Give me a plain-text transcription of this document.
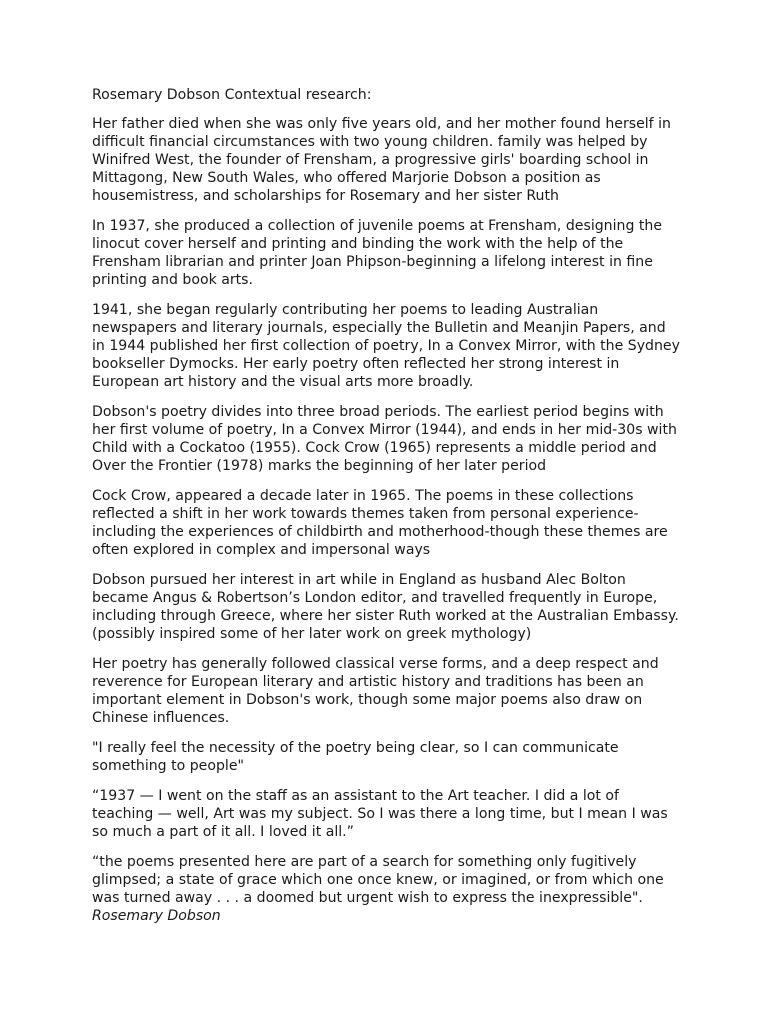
Rosemary Dobson Contextual research:

Her father died when she was only five years old, and her mother found herself in difficult financial circumstances with two young children. family was helped by Winifred West, the founder of Frensham, a progressive girls' boarding school in Mittagong, New South Wales, who offered Marjorie Dobson a position as housemistress, and scholarships for Rosemary and her sister Ruth

In 1937, she produced a collection of juvenile poems at Frensham, designing the linocut cover herself and printing and binding the work with the help of the Frensham librarian and printer Joan Phipson-beginning a lifelong interest in fine printing and book arts.

1941, she began regularly contributing her poems to leading Australian newspapers and literary journals, especially the Bulletin and Meanjin Papers, and in 1944 published her first collection of poetry, In a Convex Mirror, with the Sydney bookseller Dymocks. Her early poetry often reflected her strong interest in European art history and the visual arts more broadly.

Dobson's poetry divides into three broad periods. The earliest period begins with her first volume of poetry, In a Convex Mirror (1944), and ends in her mid-30s with Child with a Cockatoo (1955). Cock Crow (1965) represents a middle period and Over the Frontier (1978) marks the beginning of her later period

Cock Crow, appeared a decade later in 1965. The poems in these collections reflected a shift in her work towards themes taken from personal experience-including the experiences of childbirth and motherhood-though these themes are often explored in complex and impersonal ways

Dobson pursued her interest in art while in England as husband Alec Bolton became Angus & Robertson’s London editor, and travelled frequently in Europe, including through Greece, where her sister Ruth worked at the Australian Embassy. (possibly inspired some of her later work on greek mythology)

Her poetry has generally followed classical verse forms, and a deep respect and reverence for European literary and artistic history and traditions has been an important element in Dobson's work, though some major poems also draw on Chinese influences.

"I really feel the necessity of the poetry being clear, so I can communicate something to people"

“1937 — I went on the staff as an assistant to the Art teacher. I did a lot of teaching — well, Art was my subject. So I was there a long time, but I mean I was so much a part of it all. I loved it all.”

“the poems presented here are part of a search for something only fugitively glimpsed; a state of grace which one once knew, or imagined, or from which one was turned away . . . a doomed but urgent wish to express the inexpressible".

Rosemary Dobson
